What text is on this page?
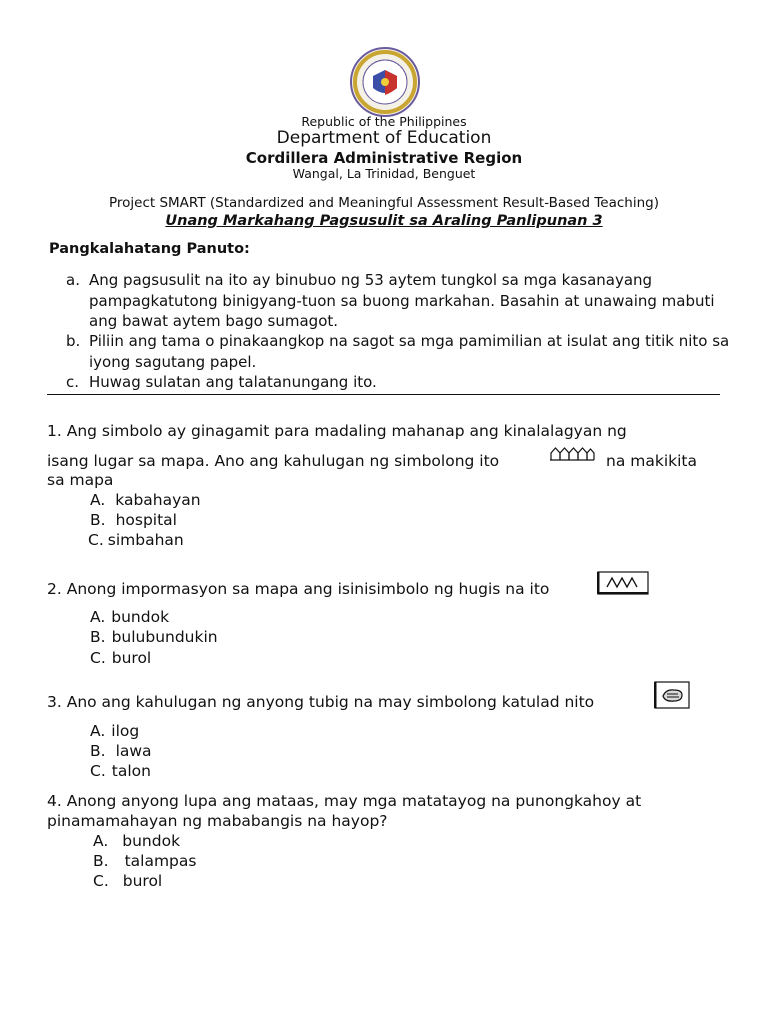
Republic of the Philippines
Department of Education
Cordillera Administrative Region
Wangal, La Trinidad, Benguet
Project SMART (Standardized and Meaningful Assessment Result-Based Teaching)
Unang Markahang Pagsusulit sa Araling Panlipunan 3
Pangkalahatang Panuto:
a. Ang pagsusulit na ito ay binubuo ng 53 aytem tungkol sa mga kasanayang pampagkatutong binigyang-tuon sa buong markahan. Basahin at unawaing mabuti ang bawat aytem bago sumagot.
b. Piliin ang tama o pinakaangkop na sagot sa mga pamimilian at isulat ang titik nito sa iyong sagutang papel.
c. Huwag sulatan ang talatanungang ito.
1. Ang simbolo ay ginagamit para madaling mahanap ang kinalalagyan ng
isang lugar sa mapa. Ano ang kahulugan ng simbolong ito	na makikita
sa mapa
A. kabahayan
B. hospital
C. simbahan
2. Anong impormasyon sa mapa ang isinisimbolo ng hugis na ito
A. bundok
B. bulubundukin
C. burol
3. Ano ang kahulugan ng anyong tubig na may simbolong katulad nito
A. ilog
B. lawa
C. talon
4. Anong anyong lupa ang mataas, may mga matatayog na punongkahoy at
pinamamahayan ng mababangis na hayop?
A. bundok
B. talampas
C. burol
